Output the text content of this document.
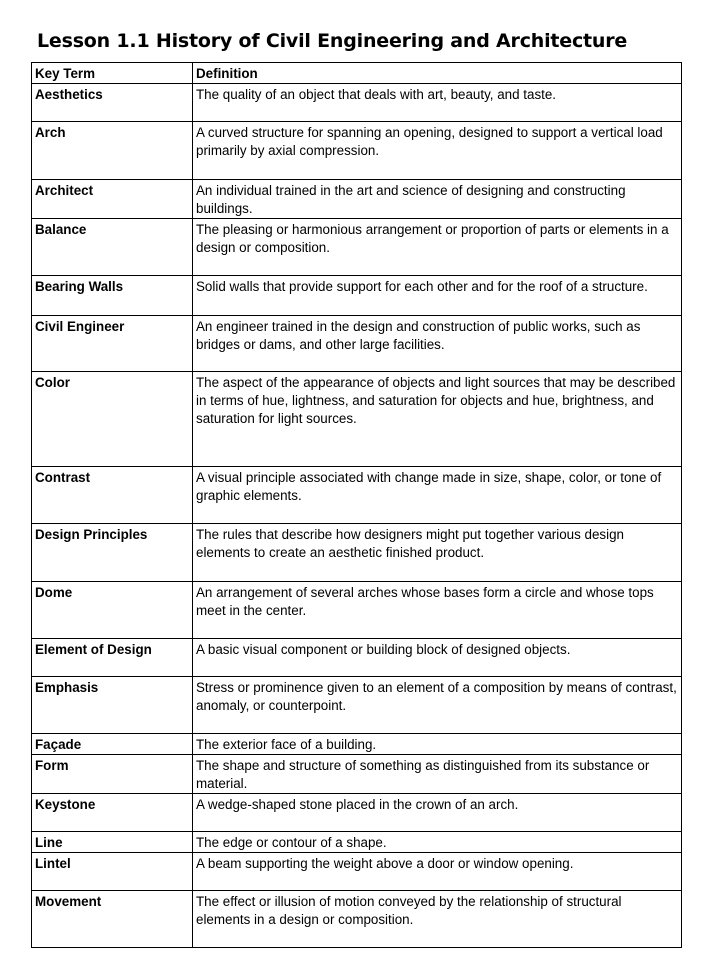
Lesson 1.1 History of Civil Engineering and Architecture
Key Term	Definition
Aesthetics	The quality of an object that deals with art, beauty, and taste.
Arch	A curved structure for spanning an opening, designed to support a vertical load primarily by axial compression.
Architect	An individual trained in the art and science of designing and constructing buildings.
Balance	The pleasing or harmonious arrangement or proportion of parts or elements in a design or composition.
Bearing Walls	Solid walls that provide support for each other and for the roof of a structure.
Civil Engineer	An engineer trained in the design and construction of public works, such as bridges or dams, and other large facilities.
Color	The aspect of the appearance of objects and light sources that may be described in terms of hue, lightness, and saturation for objects and hue, brightness, and saturation for light sources.
Contrast	A visual principle associated with change made in size, shape, color, or tone of graphic elements.
Design Principles	The rules that describe how designers might put together various design elements to create an aesthetic finished product.
Dome	An arrangement of several arches whose bases form a circle and whose tops meet in the center.
Element of Design	A basic visual component or building block of designed objects.
Emphasis	Stress or prominence given to an element of a composition by means of contrast, anomaly, or counterpoint.
Façade	The exterior face of a building.
Form	The shape and structure of something as distinguished from its substance or material.
Keystone	A wedge-shaped stone placed in the crown of an arch.
Line	The edge or contour of a shape.
Lintel	A beam supporting the weight above a door or window opening.
Movement	The effect or illusion of motion conveyed by the relationship of structural elements in a design or composition.
